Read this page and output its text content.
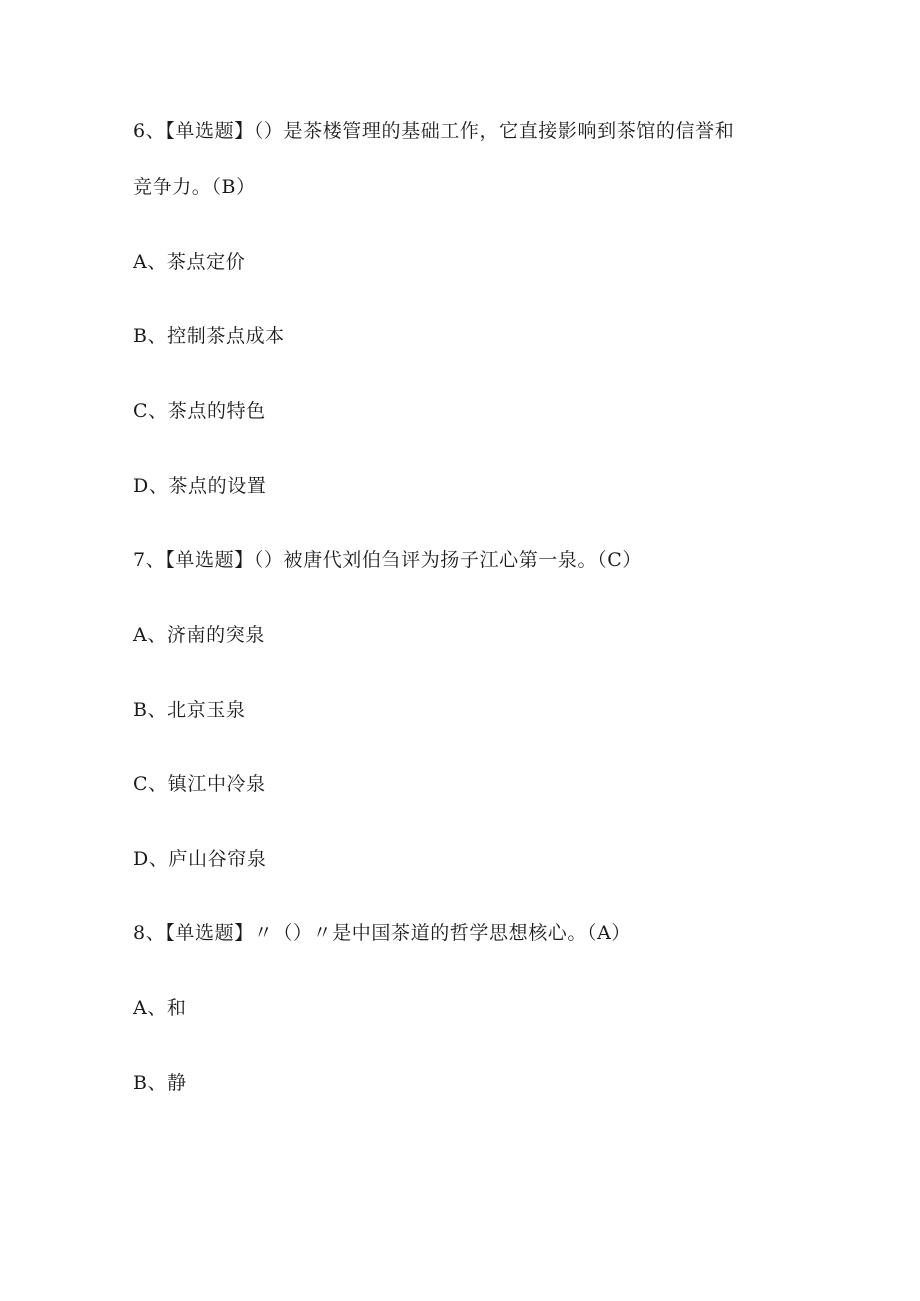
6、【单选题】（）是茶楼管理的基础工作，它直接影响到茶馆的信誉和
竞争力。（B）
A、茶点定价
B、控制茶点成本
C、茶点的特色
D、茶点的设置
7、【单选题】（）被唐代刘伯刍评为扬子江心第一泉。（C）
A、济南的突泉
B、北京玉泉
C、镇江中冷泉
D、庐山谷帘泉
8、【单选题】〃（）〃是中国茶道的哲学思想核心。（A）
A、和
B、静
